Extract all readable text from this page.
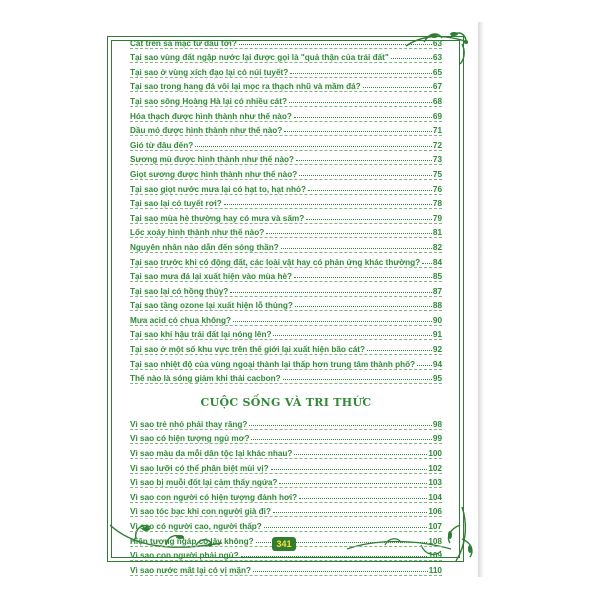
Cát trên sa mạc từ đâu tới?	63
Tại sao vùng đất ngập nước lại được gọi là "quả thận của trái đất"	63
Tại sao ở vùng xích đạo lại có núi tuyết?	65
Tại sao trong hang đá vôi lại mọc ra thạch nhũ và mầm đá?	67
Tại sao sông Hoàng Hà lại có nhiều cát?	68
Hóa thạch được hình thành như thế nào?	69
Dầu mỏ được hình thành như thế nào?	71
Gió từ đâu đến?	72
Sương mù được hình thành như thế nào?	73
Giọt sương được hình thành như thế nào?	75
Tại sao giọt nước mưa lại có hạt to, hạt nhỏ?	76
Tại sao lại có tuyết rơi?	78
Tại sao mùa hè thường hay có mưa và sấm?	79
Lốc xoáy hình thành như thế nào?	81
Nguyên nhân nào dẫn đến sóng thần?	82
Tại sao trước khi có động đất, các loài vật hay có phản ứng khác thường? 84
Tại sao mưa đá lại xuất hiện vào mùa hè?	85
Tại sao lại có hồng thủy?	87
Tại sao tầng ozone lại xuất hiện lỗ thủng?	88
Mưa acid có chua không?	90
Tại sao khí hậu trái đất lại nóng lên?	91
Tại sao ở một số khu vực trên thế giới lại xuất hiện bão cát?	92
Tại sao nhiệt độ của vùng ngoại thành lại thấp hơn trung tâm thành phố? 94
Thế nào là sóng giảm khi thải cacbon?	95
CUỘC SỐNG VÀ TRI THỨC
Vì sao trẻ nhỏ phải thay răng?	98
Vì sao có hiện tượng ngủ mơ?	99
Vì sao màu da mỗi dân tộc lại khác nhau?	100
Vì sao lưỡi có thể phân biệt mùi vị?	102
Vì sao bị muỗi đốt lại cảm thấy ngứa?	103
Vì sao con người có hiện tượng đánh hơi?	104
Vì sao tóc bạc khi con người già đi?	106
Vì sao có người cao, người thấp?	107
Hiện tượng ngáp có lây không?	108
Vì sao con người phải ngủ?	109
Vì sao nước mắt lại có vị mặn?	110
341
